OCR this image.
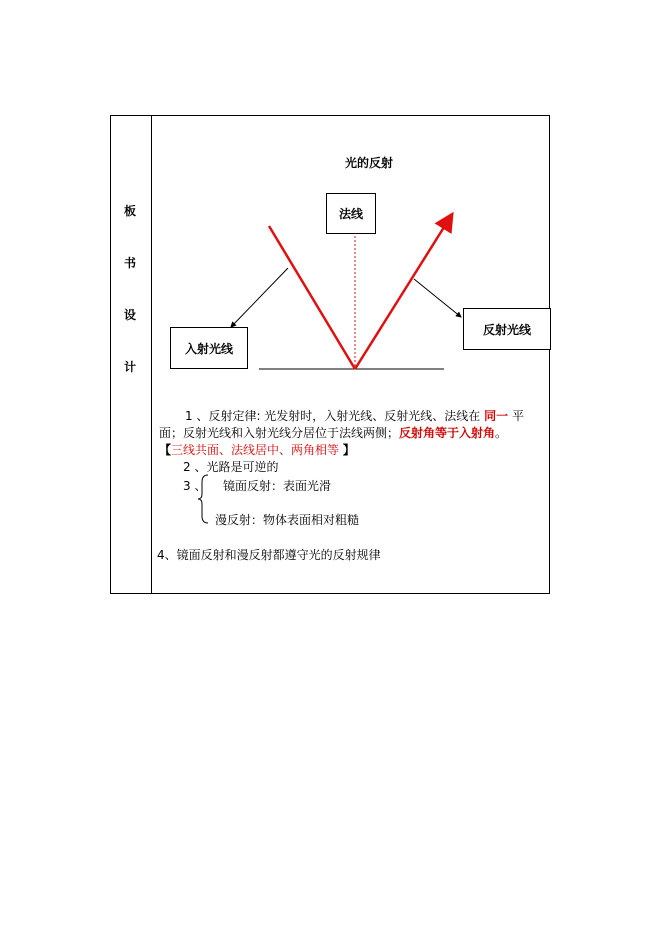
板
书
设
计
光的反射
法线
入射光线
反射光线
1 、反射定律: 光发射时，入射光线、反射光线、法线在 同一 平
面；反射光线和入射光线分居位于法线两侧；反射角等于入射角。
【三线共面、法线居中、两角相等 】
2 、光路是可逆的
3 、 镜面反射：表面光滑
漫反射：物体表面相对粗糙
4、镜面反射和漫反射都遵守光的反射规律
